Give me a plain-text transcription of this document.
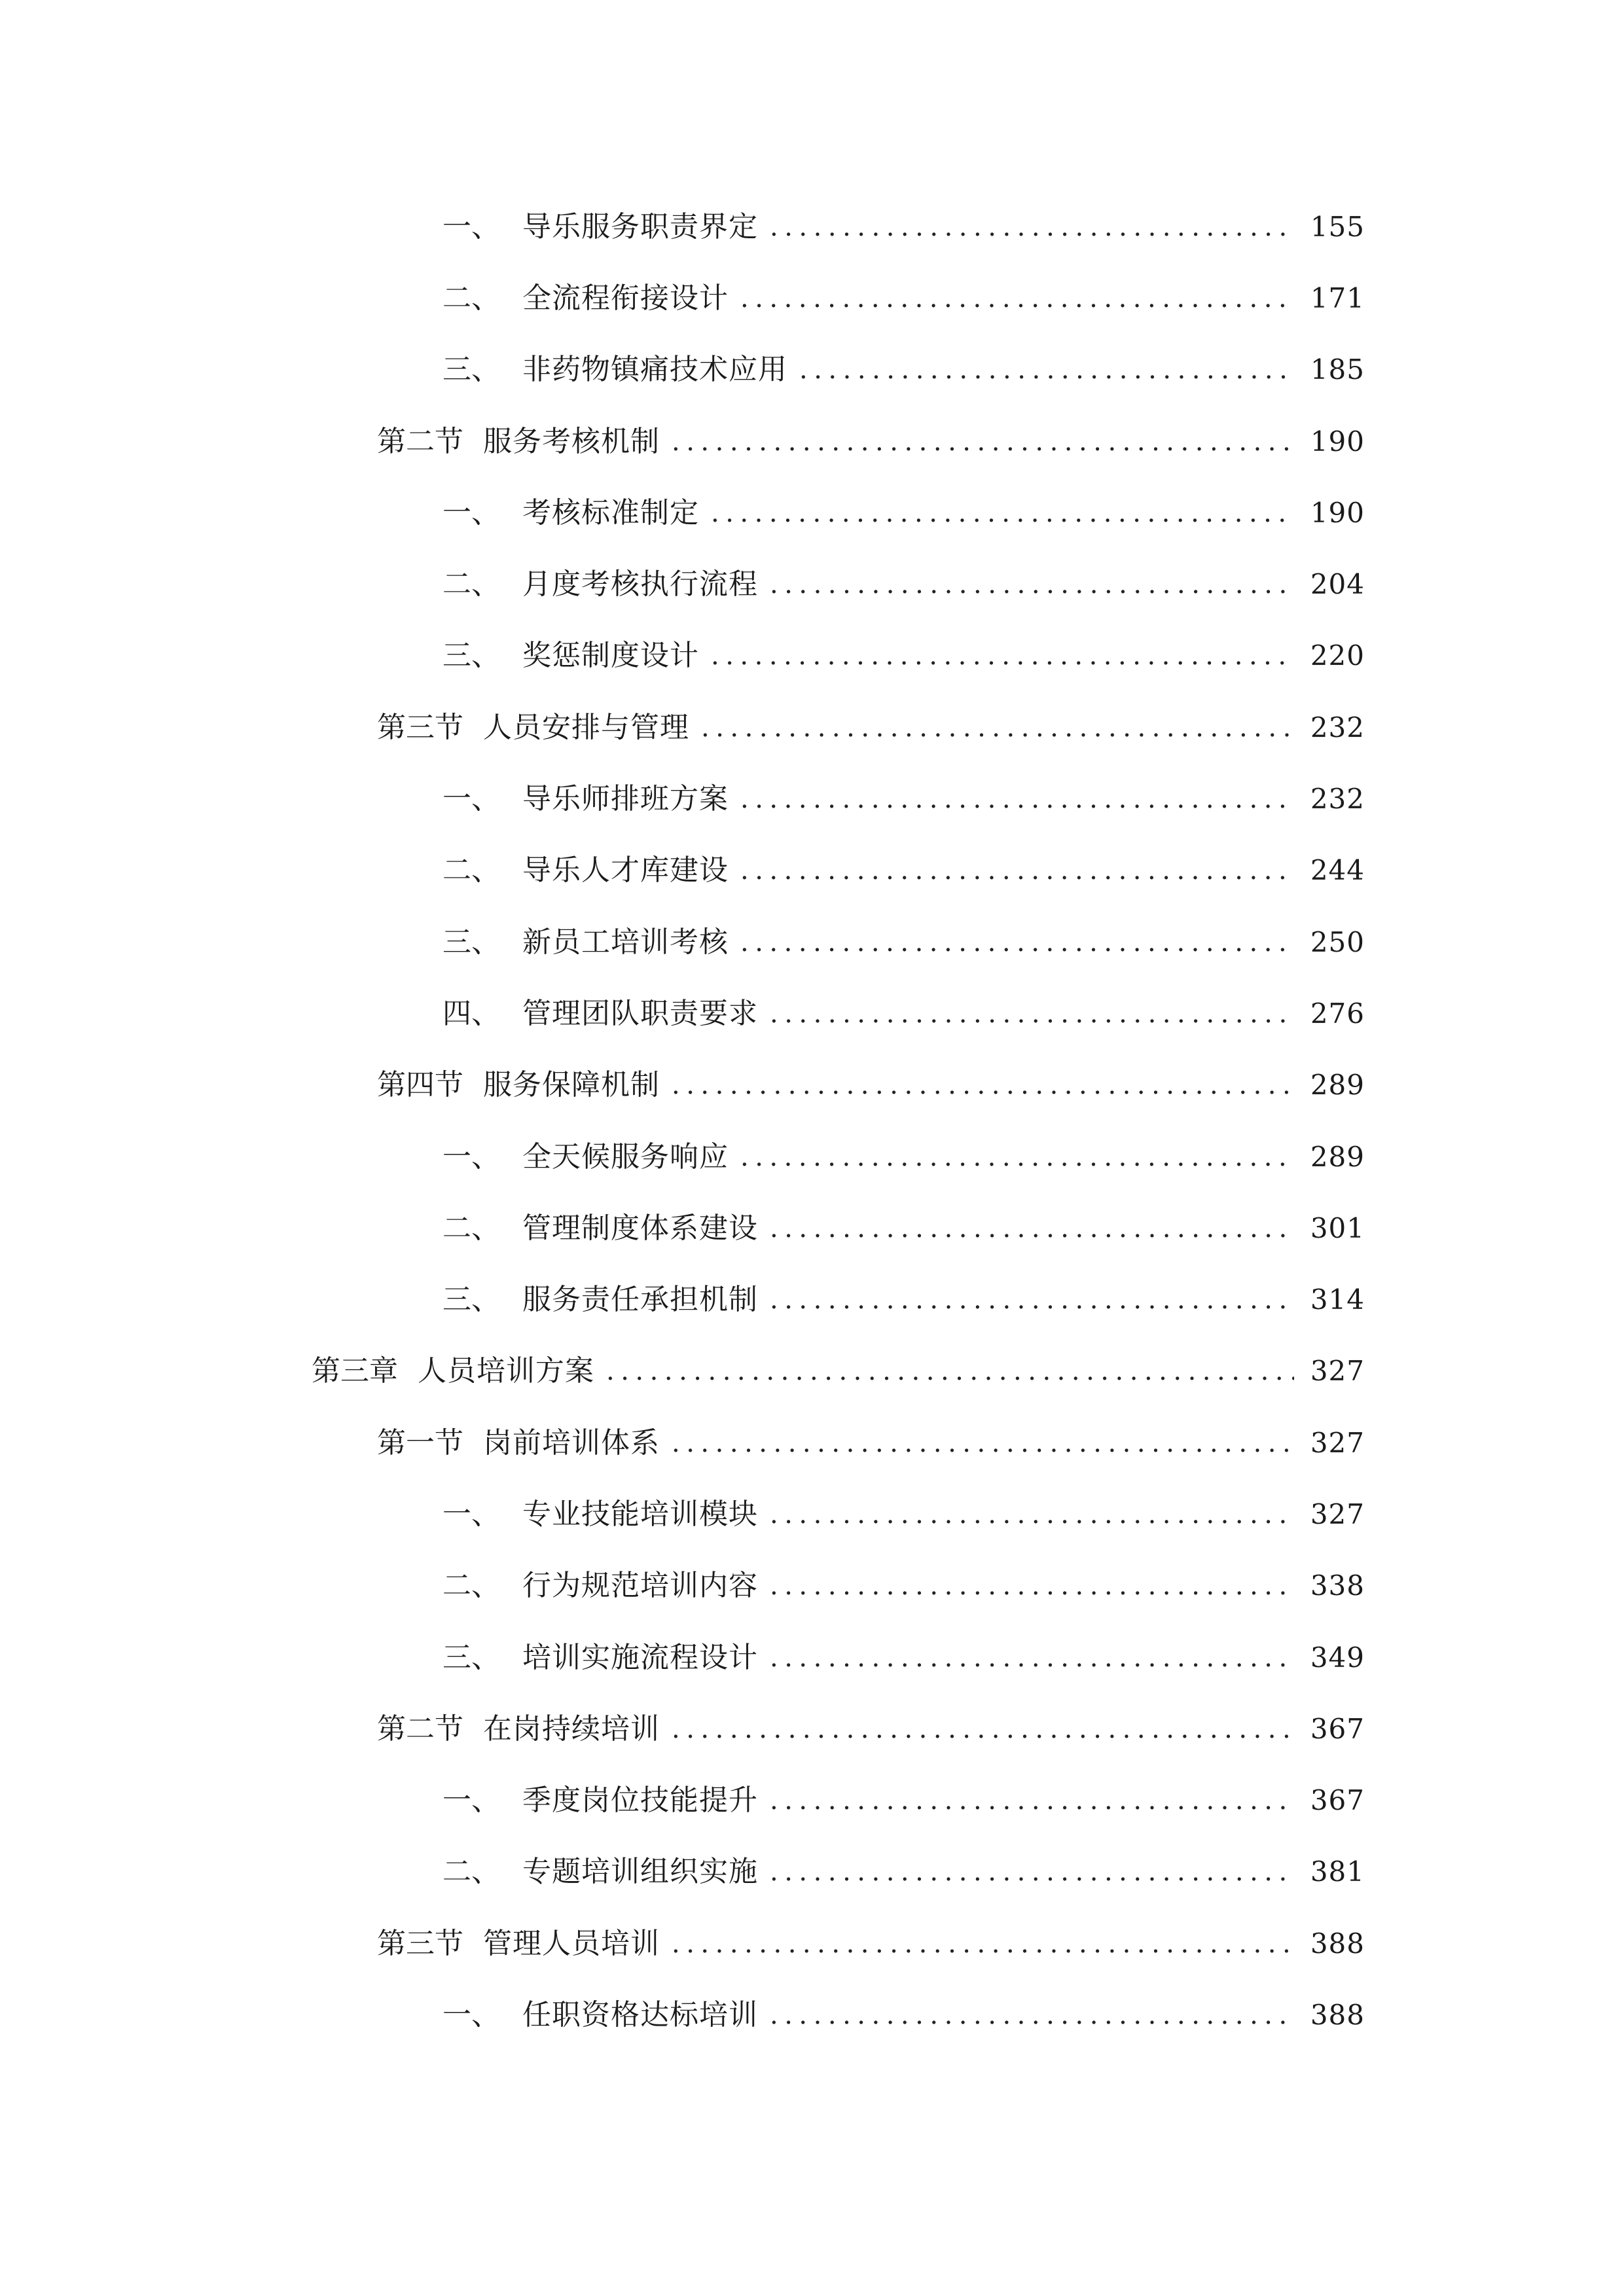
一、 导乐服务职责界定 .....	155
二、 全流程衔接设计 .....	171
三、 非药物镇痛技术应用 .....	185
第二节 服务考核机制 .....	190
一、 考核标准制定 .....	190
二、 月度考核执行流程 .....	204
三、 奖惩制度设计 .....	220
第三节 人员安排与管理 .....	232
一、 导乐师排班方案 .....	232
二、 导乐人才库建设 .....	244
三、 新员工培训考核 .....	250
四、 管理团队职责要求 .....	276
第四节 服务保障机制 .....	289
一、 全天候服务响应 .....	289
二、 管理制度体系建设 .....	301
三、 服务责任承担机制 .....	314
第三章 人员培训方案 .....	327
第一节 岗前培训体系 .....	327
一、 专业技能培训模块 .....	327
二、 行为规范培训内容 .....	338
三、 培训实施流程设计 .....	349
第二节 在岗持续培训 .....	367
一、 季度岗位技能提升 .....	367
二、 专题培训组织实施 .....	381
第三节 管理人员培训 .....	388
一、 任职资格达标培训 .....	388
